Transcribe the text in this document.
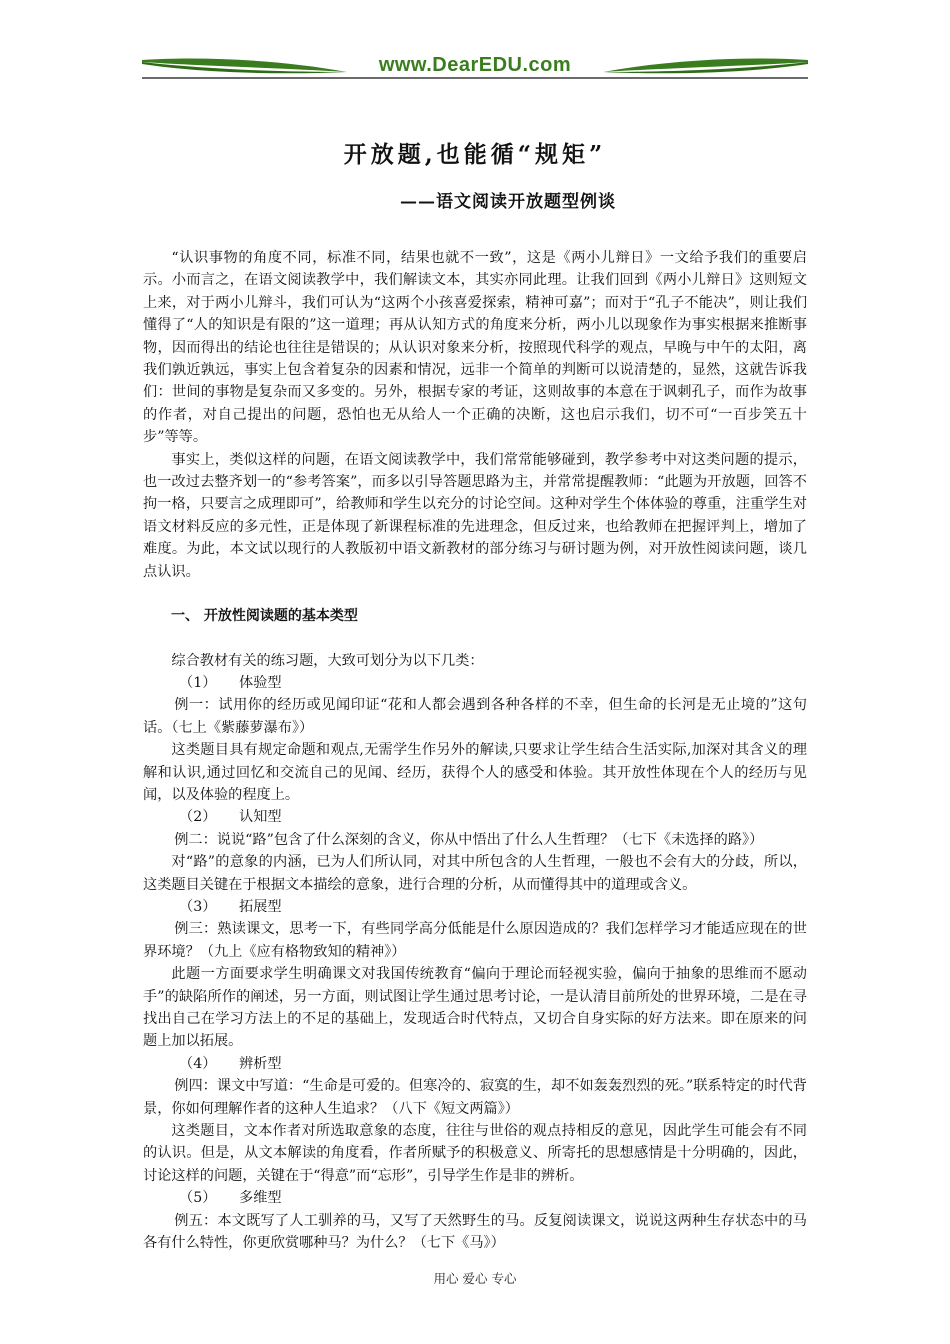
www.DearEDU.com
开放题,也能循“规矩”
——语文阅读开放题型例谈

“认识事物的角度不同，标准不同，结果也就不一致”，这是《两小儿辩日》一文给予我们的重要启示。小而言之，在语文阅读教学中，我们解读文本，其实亦同此理。让我们回到《两小儿辩日》这则短文上来，对于两小儿辩斗，我们可认为“这两个小孩喜爱探索，精神可嘉”；而对于“孔子不能决”，则让我们懂得了“人的知识是有限的”这一道理；再从认知方式的角度来分析，两小儿以现象作为事实根据来推断事物，因而得出的结论也往往是错误的；从认识对象来分析，按照现代科学的观点，早晚与中午的太阳，离我们孰近孰远，事实上包含着复杂的因素和情况，远非一个简单的判断可以说清楚的，显然，这就告诉我们：世间的事物是复杂而又多变的。另外，根据专家的考证，这则故事的本意在于讽刺孔子，而作为故事的作者，对自己提出的问题，恐怕也无从给人一个正确的决断，这也启示我们，切不可“一百步笑五十步”等等。

事实上，类似这样的问题，在语文阅读教学中，我们常常能够碰到，教学参考中对这类问题的提示，也一改过去整齐划一的“参考答案”，而多以引导答题思路为主，并常常提醒教师：“此题为开放题，回答不拘一格，只要言之成理即可”，给教师和学生以充分的讨论空间。这种对学生个体体验的尊重，注重学生对语文材料反应的多元性，正是体现了新课程标准的先进理念，但反过来，也给教师在把握评判上，增加了难度。为此，本文试以现行的人教版初中语文新教材的部分练习与研讨题为例，对开放性阅读问题，谈几点认识。

一、 开放性阅读题的基本类型

综合教材有关的练习题，大致可划分为以下几类：

（1） 体验型

例一：试用你的经历或见闻印证“花和人都会遇到各种各样的不幸，但生命的长河是无止境的”这句话。（七上《紫藤萝瀑布》）

这类题目具有规定命题和观点,无需学生作另外的解读,只要求让学生结合生活实际,加深对其含义的理解和认识,通过回忆和交流自己的见闻、经历，获得个人的感受和体验。其开放性体现在个人的经历与见闻，以及体验的程度上。

（2） 认知型

例二：说说“路”包含了什么深刻的含义，你从中悟出了什么人生哲理？（七下《未选择的路》）

对“路”的意象的内涵，已为人们所认同，对其中所包含的人生哲理，一般也不会有大的分歧，所以，这类题目关键在于根据文本描绘的意象，进行合理的分析，从而懂得其中的道理或含义。

（3） 拓展型

例三：熟读课文，思考一下，有些同学高分低能是什么原因造成的？我们怎样学习才能适应现在的世界环境？（九上《应有格物致知的精神》）

此题一方面要求学生明确课文对我国传统教育“偏向于理论而轻视实验，偏向于抽象的思维而不愿动手”的缺陷所作的阐述，另一方面，则试图让学生通过思考讨论，一是认清目前所处的世界环境，二是在寻找出自己在学习方法上的不足的基础上，发现适合时代特点，又切合自身实际的好方法来。即在原来的问题上加以拓展。

（4） 辨析型

例四：课文中写道：“生命是可爱的。但寒冷的、寂寞的生，却不如轰轰烈烈的死。”联系特定的时代背景，你如何理解作者的这种人生追求？（八下《短文两篇》）

这类题目，文本作者对所选取意象的态度，往往与世俗的观点持相反的意见，因此学生可能会有不同的认识。但是，从文本解读的角度看，作者所赋予的积极意义、所寄托的思想感情是十分明确的，因此，讨论这样的问题，关键在于“得意”而“忘形”，引导学生作是非的辨析。

（5） 多维型

例五：本文既写了人工驯养的马，又写了天然野生的马。反复阅读课文，说说这两种生存状态中的马各有什么特性，你更欣赏哪种马？为什么？（七下《马》）

用心 爱心 专心
